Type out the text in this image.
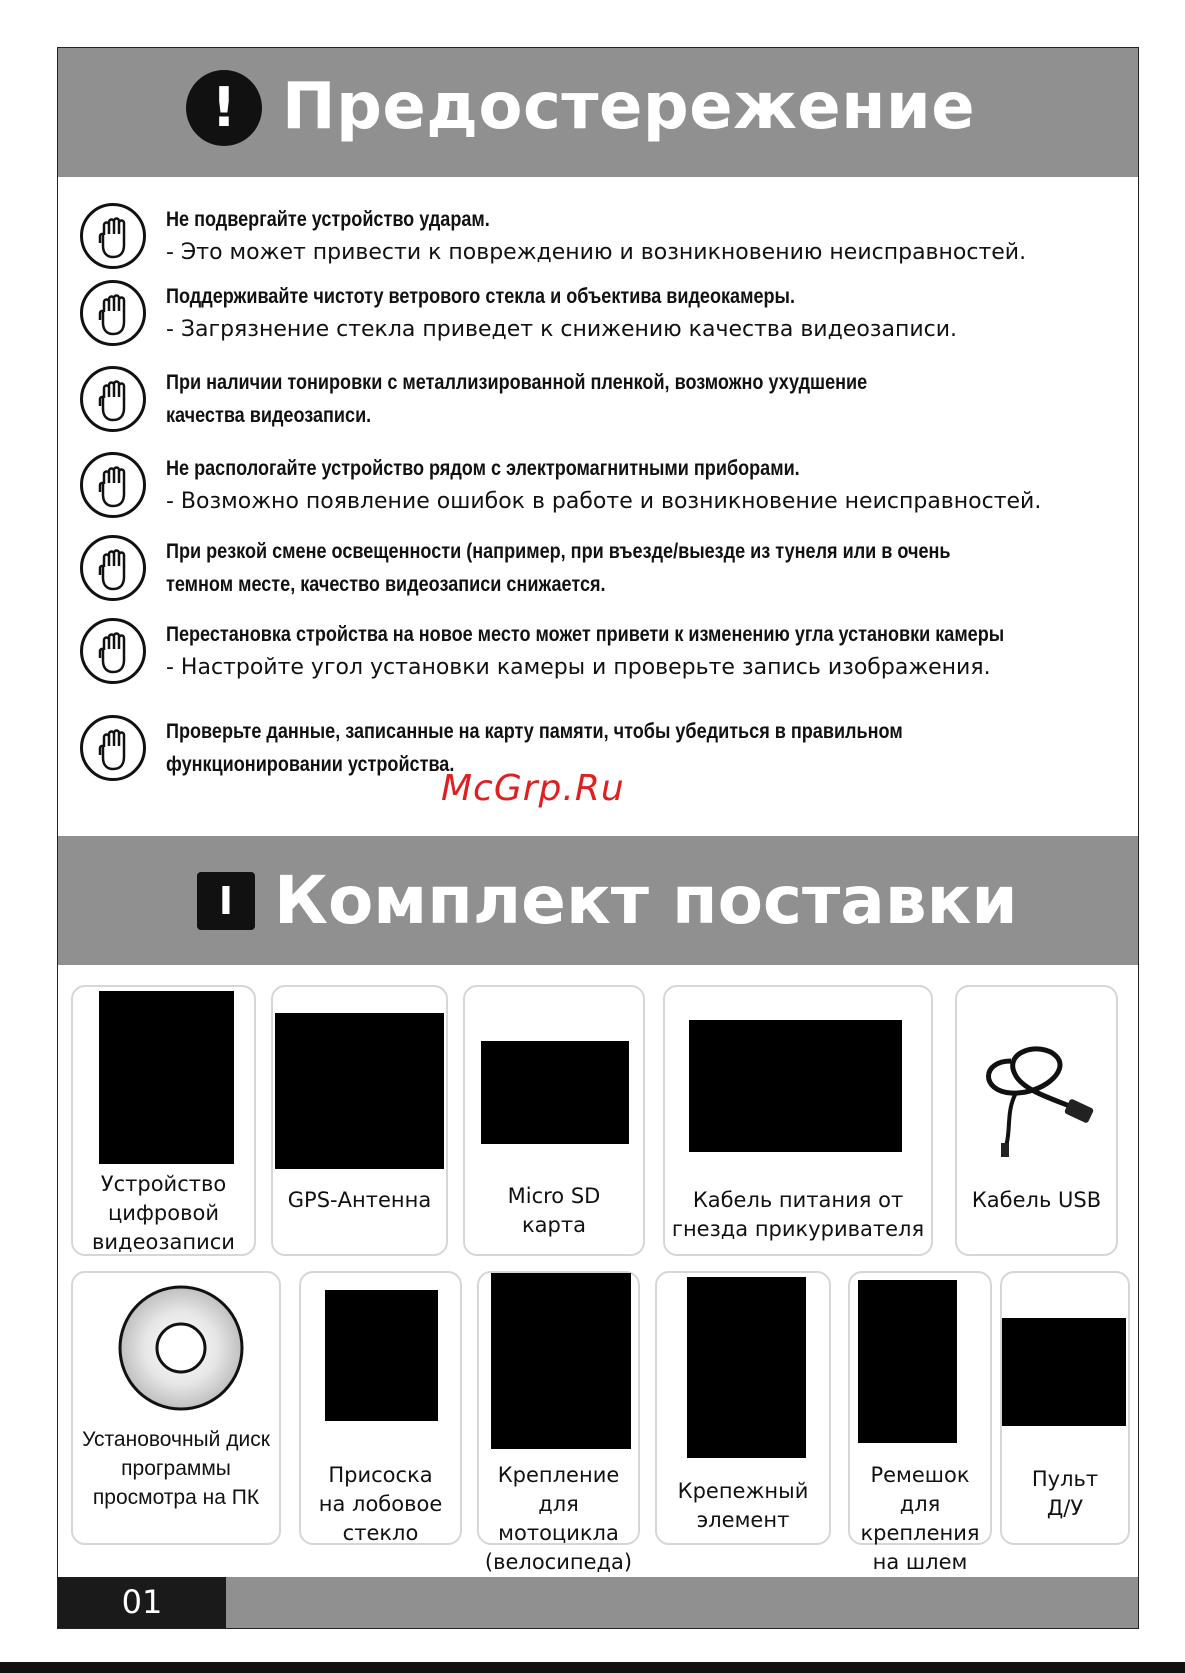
! Предостережение
Не подвергайте устройство ударам.
- Это может привести к повреждению и возникновению неисправностей.
Поддерживайте чистоту ветрового стекла и объектива видеокамеры.
- Загрязнение стекла приведет к снижению качества видеозаписи.
При наличии тонировки с металлизированной пленкой, возможно ухудшение
качества видеозаписи.
Не распологайте устройство рядом с электромагнитными приборами.
- Возможно появление ошибок в работе и возникновение неисправностей.
При резкой смене освещенности (например, при въезде/выезде из тунеля или в очень
темном месте, качество видеозаписи снижается.
Перестановка стройства на новое место может привети к изменению угла установки камеры
- Настройте угол установки камеры и проверьте запись изображения.
Проверьте данные, записанные на карту памяти, чтобы убедиться в правильном
функционировании устройства.
I Комплект поставки
Устройство
цифровой
видеозаписи
GPS-Антенна	Micro SD
карта
Кабель питания от
гнезда прикуривателя
Кабель USB
Установочный диск
программы
просмотра на ПК
Присоска
на лобовое
стекло
Крепление
для мотоцикла
(велосипеда)
Крепежный
элемент
Ремешок для
крепления
на шлем
Пульт
Д/У
01
McGrp.Ru
